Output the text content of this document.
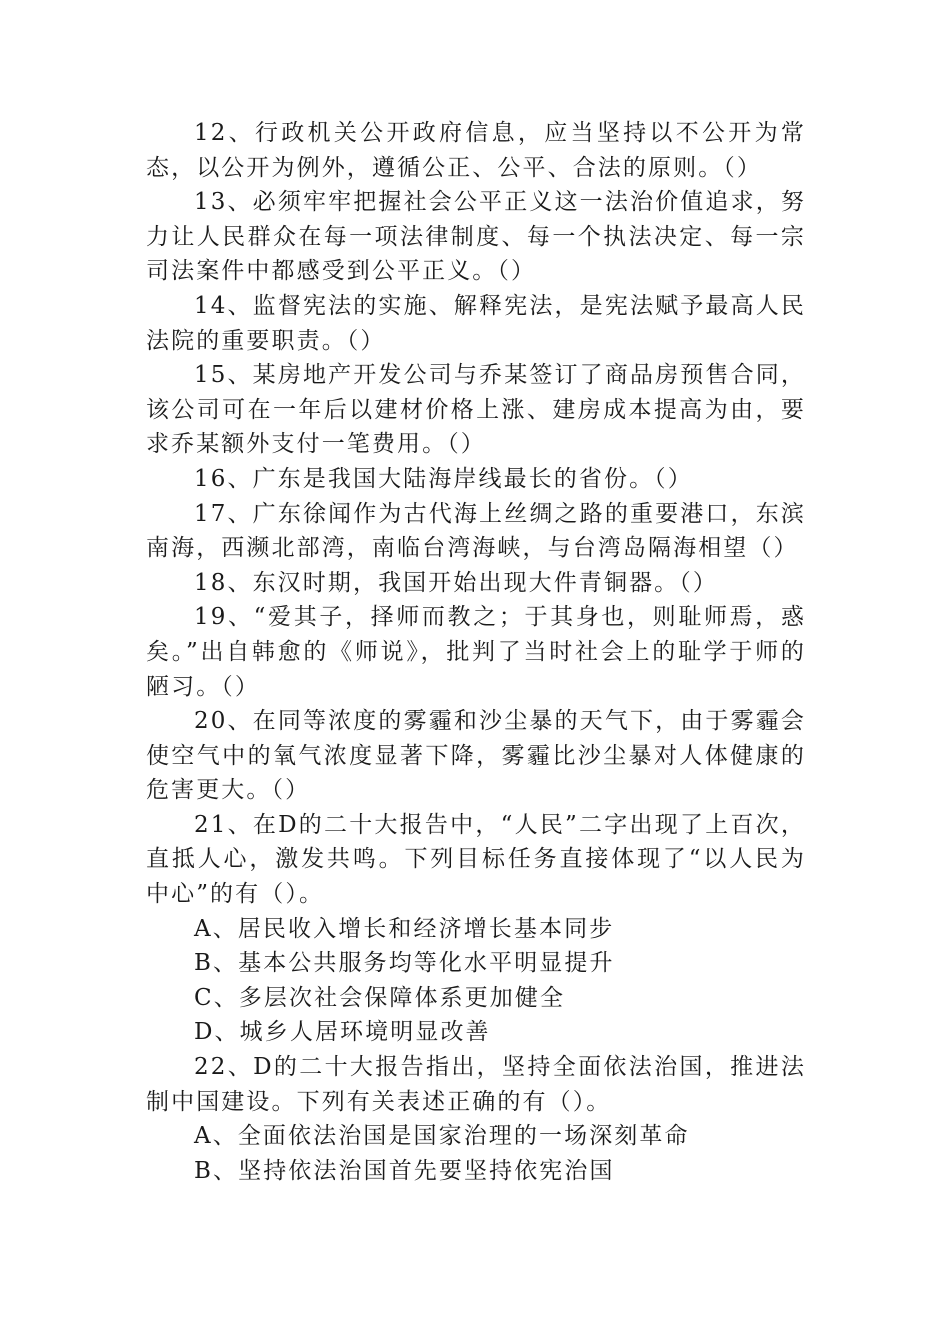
12、行政机关公开政府信息，应当坚持以不公开为常态，以公开为例外，遵循公正、公平、合法的原则。（）

13、必须牢牢把握社会公平正义这一法治价值追求，努力让人民群众在每一项法律制度、每一个执法决定、每一宗司法案件中都感受到公平正义。（）

14、监督宪法的实施、解释宪法，是宪法赋予最高人民法院的重要职责。（）

15、某房地产开发公司与乔某签订了商品房预售合同，该公司可在一年后以建材价格上涨、建房成本提高为由，要求乔某额外支付一笔费用。（）

16、广东是我国大陆海岸线最长的省份。（）

17、广东徐闻作为古代海上丝绸之路的重要港口，东滨南海，西濒北部湾，南临台湾海峡，与台湾岛隔海相望（）

18、东汉时期，我国开始出现大件青铜器。（）

19、“爱其子，择师而教之；于其身也，则耻师焉，惑矣。”出自韩愈的《师说》，批判了当时社会上的耻学于师的陋习。（）

20、在同等浓度的雾霾和沙尘暴的天气下，由于雾霾会使空气中的氧气浓度显著下降，雾霾比沙尘暴对人体健康的危害更大。（）

21、在D的二十大报告中，“人民”二字出现了上百次，直抵人心，激发共鸣。下列目标任务直接体现了“以人民为中心”的有（）。

A、居民收入增长和经济增长基本同步

B、基本公共服务均等化水平明显提升

C、多层次社会保障体系更加健全

D、城乡人居环境明显改善

22、D的二十大报告指出，坚持全面依法治国，推进法制中国建设。下列有关表述正确的有（）。

A、全面依法治国是国家治理的一场深刻革命

B、坚持依法治国首先要坚持依宪治国
